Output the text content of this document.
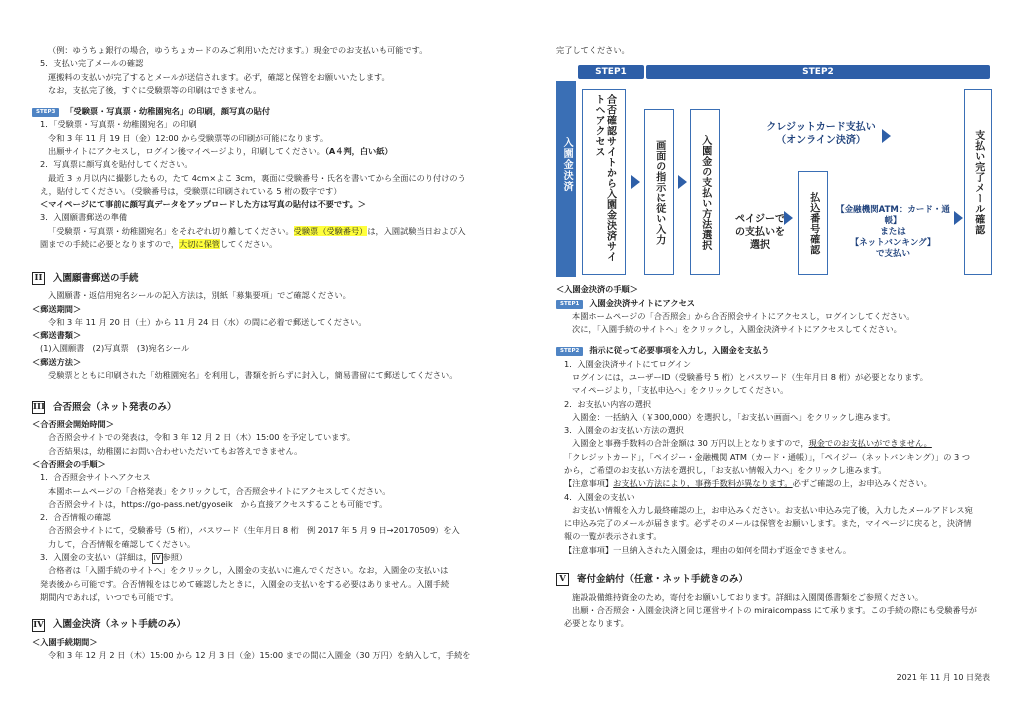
（例：ゆうちょ銀行の場合，ゆうちょカードのみご利用いただけます。）現金でのお支払いも可能です。

5．支払い完了メールの確認

運搬料の支払いが完了するとメールが送信されます。必ず，確認と保管をお願いいたします。

なお，支払完了後，すぐに受験票等の印刷はできません。

STEP3 「受験票・写真票・幼稚園宛名」の印刷，顔写真の貼付

1．「受験票・写真票・幼稚園宛名」の印刷

令和 3 年 11 月 19 日（金）12:00 から受験票等の印刷が可能になります。

出願サイトにアクセスし，ログイン後マイページより，印刷してください。（A４判，白い紙）

2．写真票に顔写真を貼付してください。

最近 3 ヵ月以内に撮影したもの，たて 4cm×よこ 3cm，裏面に受験番号・氏名を書いてから全面にのり付けのう

え，貼付してください。（受験番号は，受験票に印刷されている 5 桁の数字です）

＜マイページにて事前に顔写真データをアップロードした方は写真の貼付は不要です。＞

3．入園願書郵送の準備

「受験票・写真票・幼稚園宛名」をそれぞれ切り離してください。受験票（受験番号）は，入園試験当日および入

園までの手続に必要となりますので，大切に保管してください。

II 入園願書郵送の手続

入園願書・返信用宛名シールの記入方法は，別紙「募集要項」でご確認ください。

＜郵送期間＞

令和 3 年 11 月 20 日（土）から 11 月 24 日（水）の間に必着で郵送してください。

＜郵送書類＞

(1)入園願書　(2)写真票　(3)宛名シール

＜郵送方法＞

受験票とともに印刷された「幼稚園宛名」を利用し，書類を折らずに封入し，簡易書留にて郵送してください。

III 合否照会（ネット発表のみ）

＜合否照会開始時間＞

合否照会サイトでの発表は，令和 3 年 12 月 2 日（木）15:00 を予定しています。

合否結果は，幼稚園にお問い合わせいただいてもお答えできません。

＜合否照会の手順＞

1．合否照会サイトへアクセス

本園ホームページの「合格発表」をクリックして，合否照会サイトにアクセスしてください。

合否照会サイトは，https://go-pass.net/gyoseik　から直接アクセスすることも可能です。

2．合否情報の確認

合否照会サイトにて，受験番号（5 桁），パスワード（生年月日 8 桁　例 2017 年 5 月 9 日→20170509）を入

力して，合否情報を確認してください。

3．入園金の支払い（詳細は， IV 参照）

合格者は「入園手続のサイトへ」をクリックし，入園金の支払いに進んでください。なお，入園金の支払いは

発表後から可能です。合否情報をはじめて確認したときに，入園金の支払いをする必要はありません。入園手続

期間内であれば，いつでも可能です。

IV 入園金決済（ネット手続のみ）

＜入園手続期間＞

令和 3 年 12 月 2 日（木）15:00 から 12 月 3 日（金）15:00 までの間に入園金（30 万円）を納入して，手続を

完了してください。

入園金決済
STEP1	STEP2
合否確認サイトから入園金決済サイトへアクセス
画面の指示に従い入力	入園金の支払い方法選択
クレジットカード支払い
（オンライン決済）
ペイジーで
の支払いを
選択	払込番号確認	【金融機関ATM：カード・通帳】
または
【ネットバンキング】
で支払い
支払い完了メール確認

＜入園金決済の手順＞

STEP1 入園金決済サイトにアクセス

本園ホームページの「合否照会」から合否照会サイトにアクセスし，ログインしてください。

次に，「入園手続のサイトへ」をクリックし，入園金決済サイトにアクセスしてください。

STEP2 指示に従って必要事項を入力し，入園金を支払う

1．入園金決済サイトにてログイン

ログインには，ユーザーID（受験番号 5 桁）とパスワード（生年月日 8 桁）が必要となります。

マイページより，「支払申込へ」をクリックしてください。

2．お支払い内容の選択

入園金：一括納入（￥300,000）を選択し，「お支払い画面へ」をクリックし進みます。

3．入園金のお支払い方法の選択

入園金と事務手数料の合計金額は 30 万円以上となりますので，現金でのお支払いができません。

「クレジットカード」，「ペイジー・金融機関 ATM（カード・通帳）」，「ペイジー（ネットバンキング）」の 3 つ

から，ご希望のお支払い方法を選択し，「お支払い情報入力へ」をクリックし進みます。

【注意事項】お支払い方法により，事務手数料が異なります。必ずご確認の上，お申込みください。

4．入園金の支払い

お支払い情報を入力し最終確認の上，お申込みください。お支払い申込み完了後，入力したメールアドレス宛

に申込み完了のメールが届きます。必ずそのメールは保管をお願いします。また，マイページに戻ると，決済情

報の一覧が表示されます。

【注意事項】一旦納入された入園金は，理由の如何を問わず返金できません。

V	寄付金納付（任意・ネット手続きのみ）

施設設備維持資金のため，寄付をお願いしております。詳細は入園関係書類をご参照ください。

出願・合否照会・入園金決済と同じ運営サイトの miraicompass にて承ります。この手続の際にも受験番号が

必要となります。

2021 年 11 月 10 日発表
